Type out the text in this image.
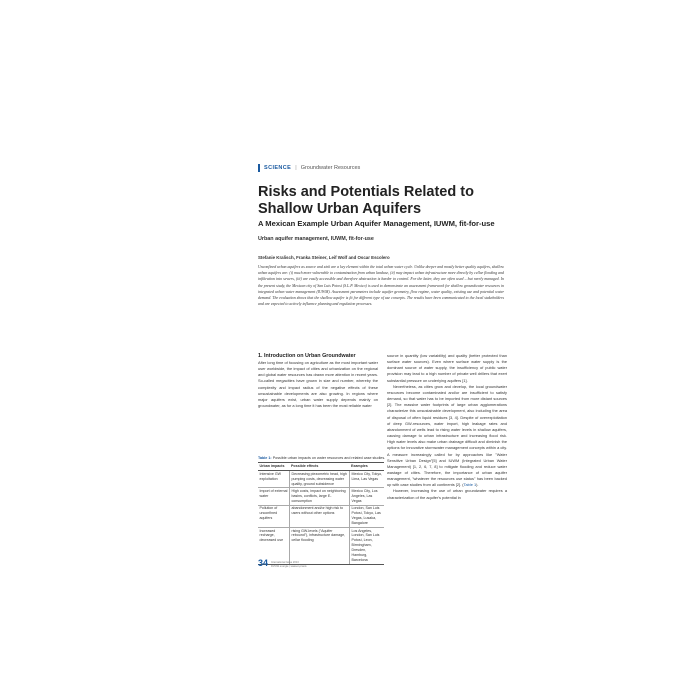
SCIENCE | Groundwater Resources
Risks and Potentials Related to
Shallow Urban Aquifers
A Mexican Example Urban Aquifer Management, IUWM, fit-for-use
Urban aquifer management, IUWM, fit-for-use
Stefanie Kralisch, Franka Steiner, Leif Wolf and Oscar Escolero
Unconfined urban aquifers as source and sink are a key element within the total urban water cycle. Unlike deeper and mostly better quality aquifers, shallow urban aquifers are: (i) much more vulnerable to contamination from urban landuse, (ii) may impact urban infrastructure more directly by cellar flooding and infiltration into sewers, (iii) are easily accessible and therefore abstraction is harder to control. For the latter, they are often used – but rarely managed. In the present study, the Mexican city of San Luis Potosí (S.L.P. Mexico) is used to demonstrate an assessment framework for shallow groundwater resources in integrated urban water management (IUWM). Assessment parameters include aquifer geometry, flow regime, water quality, existing use and potential water demand. The evaluation shows that the shallow aquifer is fit for different type of use concepts. The results have been communicated to the local stakeholders and are expected to actively influence planning and regulation processes.
1. Introduction on Urban Groundwater

After long time of focusing on agriculture as the most important water user worldwide, the impact of cities and urbanization on the regional and global water resources has drawn more attention in recent years. So-called megacities have grown in size and number, whereby the complexity and impact radius of the negative effects of these unsustainable developments are also growing. In regions where major aquifers exist, urban water supply depends mainly on groundwater, as for a long time it has been the most reliable water

Table 1: Possible urban impacts on water resources and related case studies.
Urban impacts	Possible effects	Examples
Intensive GW exploitation	Decreasing piezometric head, high pumping costs, decreasing water quality, ground subsidence	Mexico City, Tokyo, Lima, Las Vegas
Import of external water	High costs, impact on neighboring basins, conflicts, large E-consumption	Mexico City, Los Angeles, Las Vegas
Pollution of unconfined aquifers	abandonment and/or high risk to users without other options	London, San Luis Potosí, Tokyo, Las Vegas, Lusaka, Bangalore
Increased recharge, decreased use	rising GW-levels ("Aquifer rebound"), infrastructure damage, cellar flooding	Los Angeles, London, San Luis Potosí, Leon, Birmingham, Dresden, Hamburg, Barcelona

source in quantity (low variability) and quality (better protected than surface water sources). Even where surface water supply is the dominant source of water supply, the insufficiency of public water provision may lead to a high number of private well drillers that exert substantial pressure on underlying aquifers [1].

Nevertheless, as cities grow and develop, the local groundwater resources become contaminated and/or are insufficient to satisfy demand, so that water has to be imported from more distant sources [2]. The massive water footprints of large urban agglomerations characterize this unsustainable development, also including the area of disposal of often liquid residues [3, 4]. Despite of overexploitation of deep GW-resources, water import, high leakage rates and abandonment of wells lead to rising water levels in shallow aquifers, causing damage to urban infrastructure and increasing flood risk. High water levels also make urban drainage difficult and diminish the options for innovative stormwater management concepts within a city. A measure increasingly called for by approaches like "Water Sensitive Urban Design"[5] and IUWM (Integrated Urban Water Management) [1, 2, 6, 7, 8] to mitigate flooding and reduce water wastage of cities. Therefore, the importance of urban aquifer management, "whatever the resources use status" has been backed up with case studies from all continents [2]. (Table 1).

However, increasing the use of urban groundwater requires a characterization of the aquifer's potential in

34 International Issue 2013
DVGW energie | wasser-praxis
